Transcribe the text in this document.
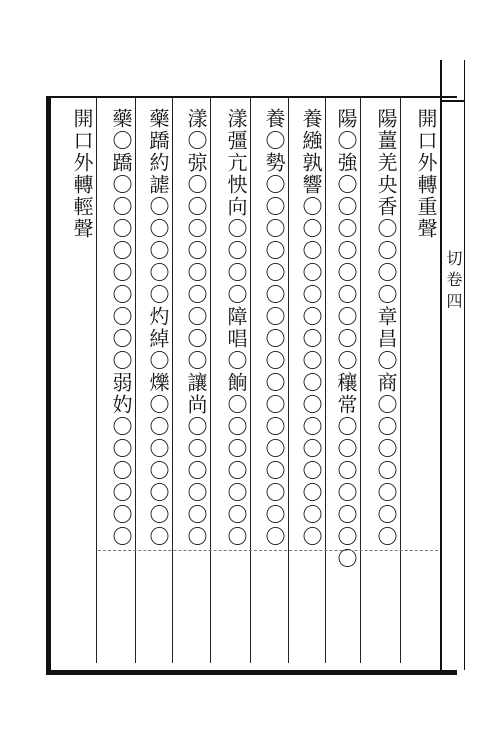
切 卷 四
開口外轉重聲
陽薑羌央香〇〇〇〇章昌〇商〇〇〇〇〇〇〇
陽〇強〇〇〇〇〇〇〇〇〇穰常〇〇〇〇〇〇〇
養繈孰響〇〇〇〇〇〇〇〇〇〇〇〇〇〇〇〇
養〇勢〇〇〇〇〇〇〇〇〇〇〇〇〇〇〇〇〇
漾彊亢怏向〇〇〇〇障唱〇餉〇〇〇〇〇〇〇
漾〇弶〇〇〇〇〇〇〇〇〇讓尚〇〇〇〇〇〇
藥蹻約謔〇〇〇〇〇灼綽〇爍〇〇〇〇〇〇〇
藥〇蹻〇〇〇〇〇〇〇〇〇弱妁〇〇〇〇〇〇
開口外轉輕聲
